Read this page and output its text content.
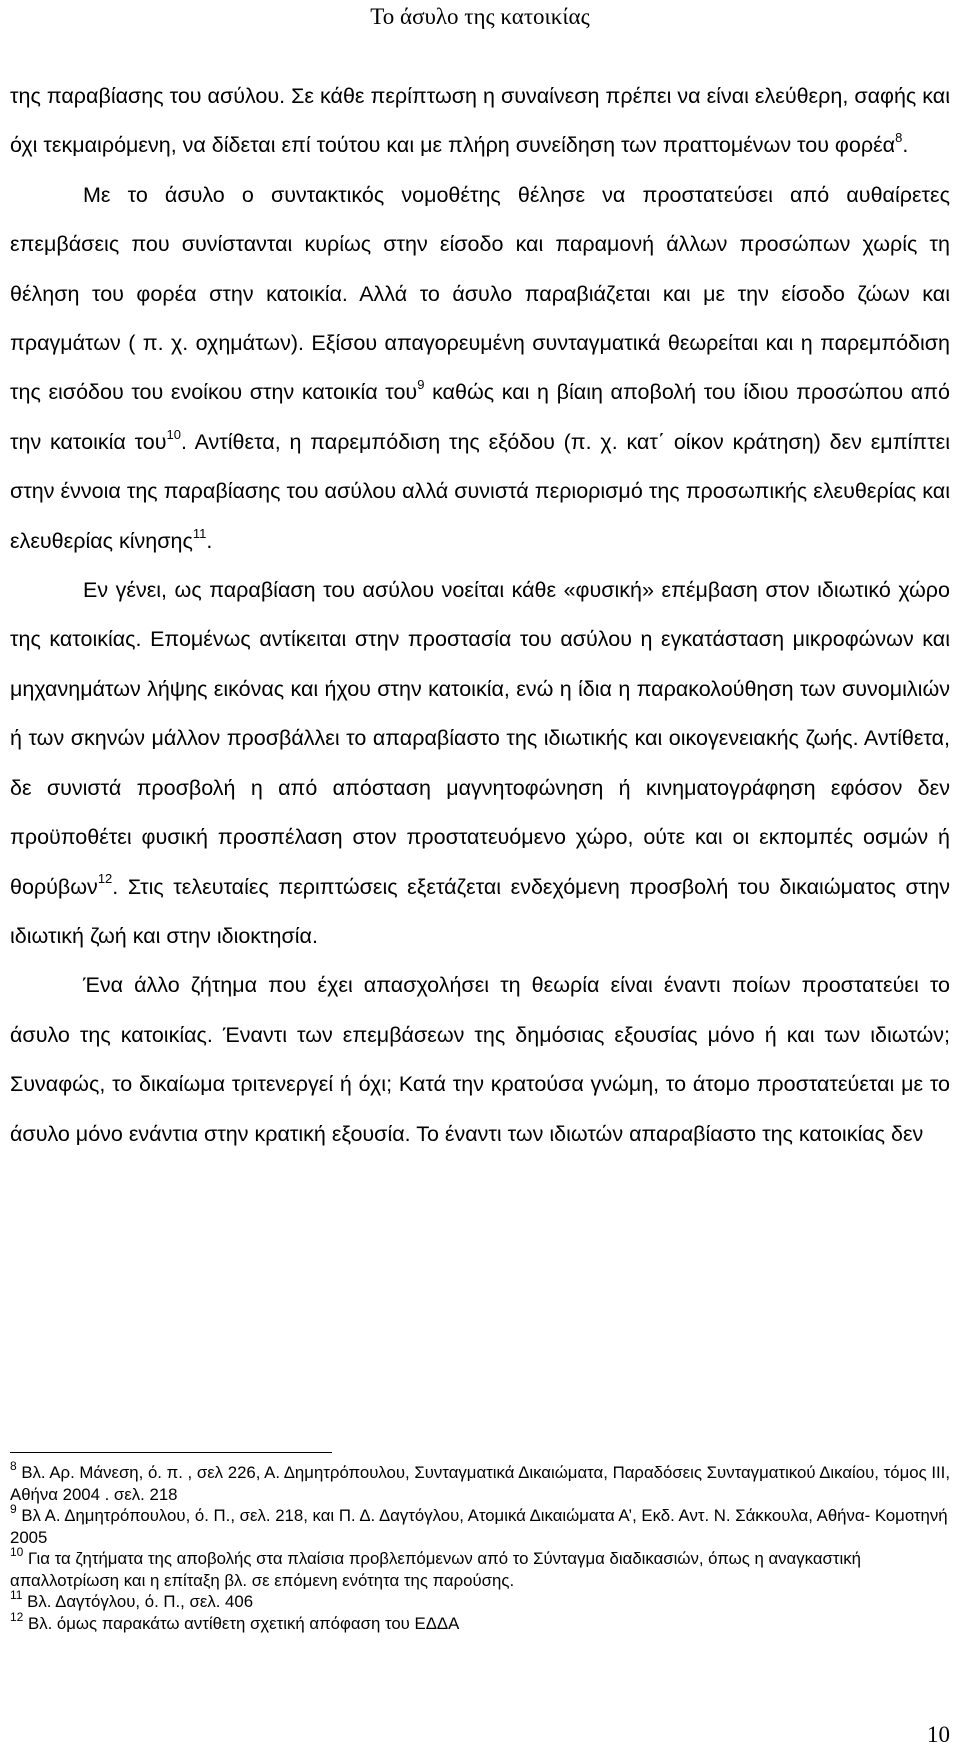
Το άσυλο της κατοικίας

της παραβίασης του ασύλου. Σε κάθε περίπτωση η συναίνεση πρέπει να είναι ελεύθερη, σαφής και όχι τεκμαιρόμενη, να δίδεται επί τούτου και με πλήρη συνείδηση των πραττομένων του φορέα$^8$.

Με το άσυλο ο συντακτικός νομοθέτης θέλησε να προστατεύσει από αυθαίρετες επεμβάσεις που συνίστανται κυρίως στην είσοδο και παραμονή άλλων προσώπων χωρίς τη θέληση του φορέα στην κατοικία. Αλλά το άσυλο παραβιάζεται και με την είσοδο ζώων και πραγμάτων ( π. χ. οχημάτων). Εξίσου απαγορευμένη συνταγματικά θεωρείται και η παρεμπόδιση της εισόδου του ενοίκου στην κατοικία του$^9$ καθώς και η βίαιη αποβολή του ίδιου προσώπου από την κατοικία του$^{10}$. Αντίθετα, η παρεμπόδιση της εξόδου (π. χ. κατ΄ οίκον κράτηση) δεν εμπίπτει στην έννοια της παραβίασης του ασύλου αλλά συνιστά περιορισμό της προσωπικής ελευθερίας και ελευθερίας κίνησης$^{11}$.

Εν γένει, ως παραβίαση του ασύλου νοείται κάθε «φυσική» επέμβαση στον ιδιωτικό χώρο της κατοικίας. Επομένως αντίκειται στην προστασία του ασύλου η εγκατάσταση μικροφώνων και μηχανημάτων λήψης εικόνας και ήχου στην κατοικία, ενώ η ίδια η παρακολούθηση των συνομιλιών ή των σκηνών μάλλον προσβάλλει το απαραβίαστο της ιδιωτικής και οικογενειακής ζωής. Αντίθετα, δε συνιστά προσβολή η από απόσταση μαγνητοφώνηση ή κινηματογράφηση εφόσον δεν προϋποθέτει φυσική προσπέλαση στον προστατευόμενο χώρο, ούτε και οι εκπομπές οσμών ή θορύβων$^{12}$. Στις τελευταίες περιπτώσεις εξετάζεται ενδεχόμενη προσβολή του δικαιώματος στην ιδιωτική ζωή και στην ιδιοκτησία.

Ένα άλλο ζήτημα που έχει απασχολήσει τη θεωρία είναι έναντι ποίων προστατεύει το άσυλο της κατοικίας. Έναντι των επεμβάσεων της δημόσιας εξουσίας μόνο ή και των ιδιωτών; Συναφώς, το δικαίωμα τριτενεργεί ή όχι; Κατά την κρατούσα γνώμη, το άτομο προστατεύεται με το άσυλο μόνο ενάντια στην κρατική εξουσία. Το έναντι των ιδιωτών απαραβίαστο της κατοικίας δεν

$^8$ Βλ. Αρ. Μάνεση, ό. π. , σελ 226, Α. Δημητρόπουλου, Συνταγματικά Δικαιώματα, Παραδόσεις Συνταγματικού Δικαίου, τόμος ΙΙΙ, Αθήνα 2004 . σελ. 218

$^9$ Βλ Α. Δημητρόπουλου, ό. Π., σελ. 218, και Π. Δ. Δαγτόγλου, Ατομικά Δικαιώματα Α’, Εκδ. Αντ. Ν. Σάκκουλα, Αθήνα- Κομοτηνή 2005

$^{10}$ Για τα ζητήματα της αποβολής στα πλαίσια προβλεπόμενων από το Σύνταγμα διαδικασιών, όπως η αναγκαστική απαλλοτρίωση και η επίταξη βλ. σε επόμενη ενότητα της παρούσης.

$^{11}$ Βλ. Δαγτόγλου, ό. Π., σελ. 406

$^{12}$ Βλ. όμως παρακάτω αντίθετη σχετική απόφαση του ΕΔΔΑ

10
